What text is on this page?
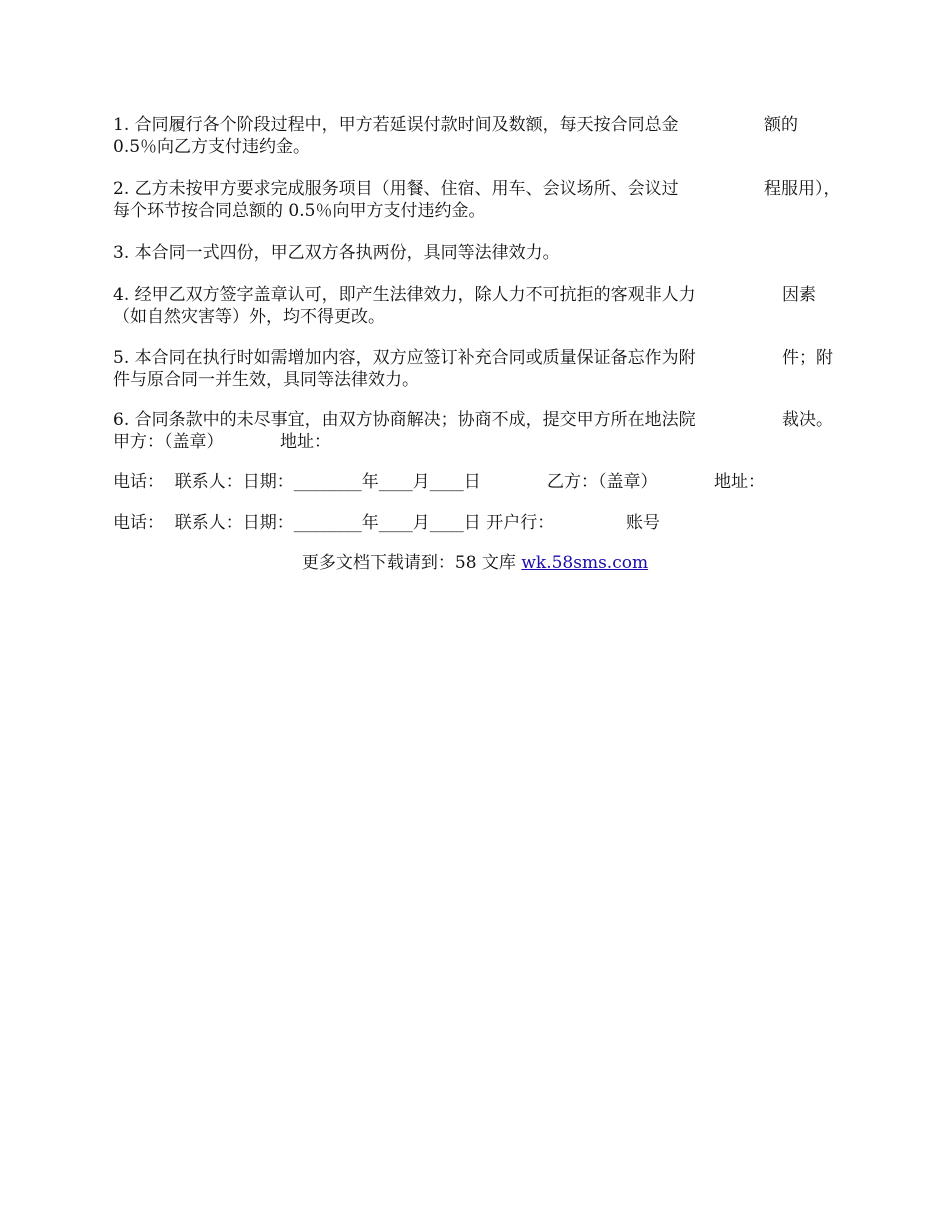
1. 合同履行各个阶段过程中，甲方若延误付款时间及数额，每天按合同总金

	额的

0.5％向乙方支付违约金。

2. 乙方未按甲方要求完成服务项目（用餐、住宿、用车、会议场所、会议过

	程服用），

每个环节按合同总额的 0.5％向甲方支付违约金。
3. 本合同一式四份，甲乙双方各执两份，具同等法律效力。

4. 经甲乙双方签字盖章认可，即产生法律效力，除人力不可抗拒的客观非人力

	因素

（如自然灾害等）外，均不得更改。

5. 本合同在执行时如需增加内容，双方应签订补充合同或质量保证备忘作为附

	件；附

件与原合同一并生效，具同等法律效力。

6. 合同条款中的未尽事宜，由双方协商解决；协商不成，提交甲方所在地法院

	裁决。

甲方：（盖章）

	地址：

电话：  联系人：日期：________年____月____日

	乙方：（盖章）

	地址：

电话：  联系人：日期：________年____月____日 开户行：

	账号

更多文档下载请到：58 文库 wk.58sms.com
